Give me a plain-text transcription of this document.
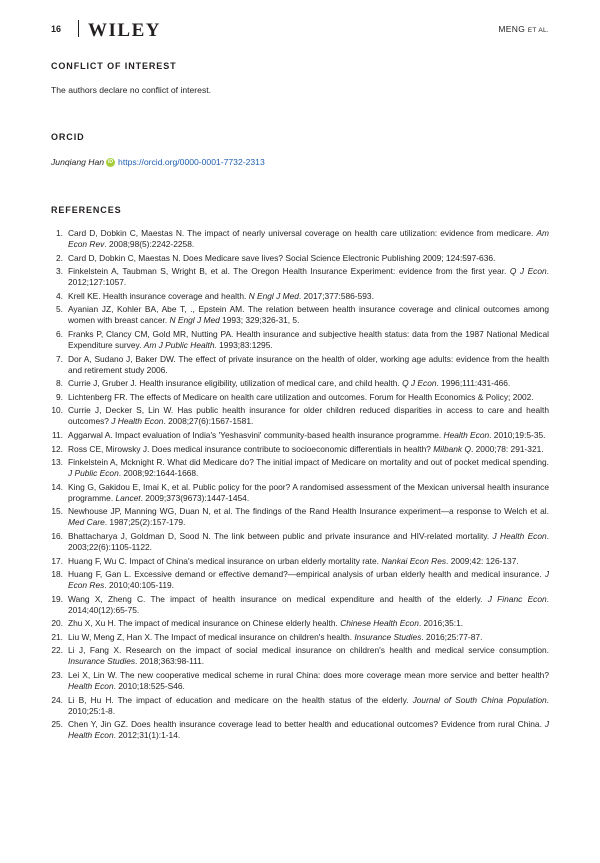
16 WILEY	MENG ET AL.
CONFLICT OF INTEREST
The authors declare no conflict of interest.
ORCID
Junqiang Han iD https://orcid.org/0000-0001-7732-2313
REFERENCES
1. Card D, Dobkin C, Maestas N. The impact of nearly universal coverage on health care utilization: evidence from medicare. Am Econ Rev. 2008;98(5):2242-2258.
2. Card D, Dobkin C, Maestas N. Does Medicare save lives? Social Science Electronic Publishing 2009; 124:597-636.
3. Finkelstein A, Taubman S, Wright B, et al. The Oregon Health Insurance Experiment: evidence from the first year. Q J Econ. 2012;127:1057.
4. Krell KE. Health insurance coverage and health. N Engl J Med. 2017;377:586-593.
5. Ayanian JZ, Kohler BA, Abe T, ., Epstein AM. The relation between health insurance coverage and clinical outcomes among women with breast cancer. N Engl J Med 1993; 329;326-31, 5.
6. Franks P, Clancy CM, Gold MR, Nutting PA. Health insurance and subjective health status: data from the 1987 National Medical Expenditure survey. Am J Public Health. 1993;83:1295.
7. Dor A, Sudano J, Baker DW. The effect of private insurance on the health of older, working age adults: evidence from the health and retirement study 2006.
8. Currie J, Gruber J. Health insurance eligibility, utilization of medical care, and child health. Q J Econ. 1996;111:431-466.
9. Lichtenberg FR. The effects of Medicare on health care utilization and outcomes. Forum for Health Economics & Policy; 2002.
10. Currie J, Decker S, Lin W. Has public health insurance for older children reduced disparities in access to care and health outcomes? J Health Econ. 2008;27(6):1567-1581.
11. Aggarwal A. Impact evaluation of India's 'Yeshasvini' community-based health insurance programme. Health Econ. 2010;19:5-35.
12. Ross CE, Mirowsky J. Does medical insurance contribute to socioeconomic differentials in health? Milbank Q. 2000;78: 291-321.
13. Finkelstein A, Mcknight R. What did Medicare do? The initial impact of Medicare on mortality and out of pocket medical spending. J Public Econ. 2008;92:1644-1668.
14. King G, Gakidou E, Imai K, et al. Public policy for the poor? A randomised assessment of the Mexican universal health insurance programme. Lancet. 2009;373(9673):1447-1454.
15. Newhouse JP, Manning WG, Duan N, et al. The findings of the Rand Health Insurance experiment—a response to Welch et al. Med Care. 1987;25(2):157-179.
16. Bhattacharya J, Goldman D, Sood N. The link between public and private insurance and HIV-related mortality. J Health Econ. 2003;22(6):1105-1122.
17. Huang F, Wu C. Impact of China's medical insurance on urban elderly mortality rate. Nankai Econ Res. 2009;42: 126-137.
18. Huang F, Gan L. Excessive demand or effective demand?—empirical analysis of urban elderly health and medical insurance. J Econ Res. 2010;40:105-119.
19. Wang X, Zheng C. The impact of health insurance on medical expenditure and health of the elderly. J Financ Econ. 2014;40(12):65-75.
20. Zhu X, Xu H. The impact of medical insurance on Chinese elderly health. Chinese Health Econ. 2016;35:1.
21. Liu W, Meng Z, Han X. The Impact of medical insurance on children's health. Insurance Studies. 2016;25:77-87.
22. Li J, Fang X. Research on the impact of social medical insurance on children's health and medical service consumption. Insurance Studies. 2018;363:98-111.
23. Lei X, Lin W. The new cooperative medical scheme in rural China: does more coverage mean more service and better health? Health Econ. 2010;18:525-S46.
24. Li B, Hu H. The impact of education and medicare on the health status of the elderly. Journal of South China Population. 2010;25:1-8.
25. Chen Y, Jin GZ. Does health insurance coverage lead to better health and educational outcomes? Evidence from rural China. J Health Econ. 2012;31(1):1-14.
